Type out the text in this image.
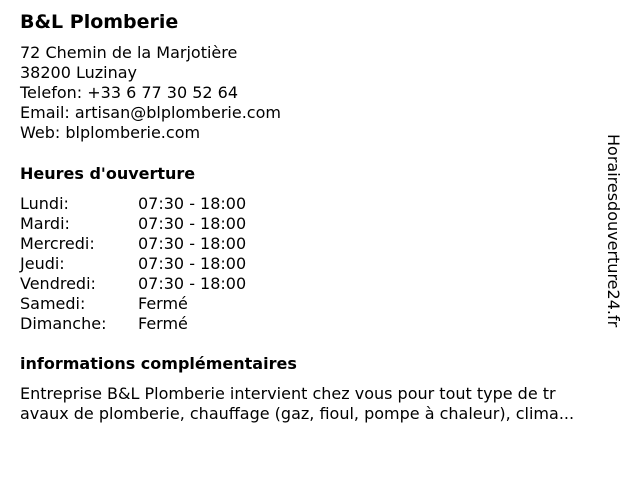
B&L Plomberie
72 Chemin de la Marjotière
38200 Luzinay
Telefon: +33 6 77 30 52 64
Email: artisan@blplomberie.com
Web: blplomberie.com
Heures d'ouverture
Lundi:	07:30 - 18:00
Mardi:	07:30 - 18:00
Mercredi:	07:30 - 18:00
Jeudi:	07:30 - 18:00
Vendredi:	07:30 - 18:00
Samedi:	Fermé
Dimanche: Fermé
informations complémentaires
Entreprise B&L Plomberie intervient chez vous pour tout type de tr
avaux de plomberie, chauffage (gaz, fioul, pompe à chaleur), clima...
Horairesdouverture24.fr
